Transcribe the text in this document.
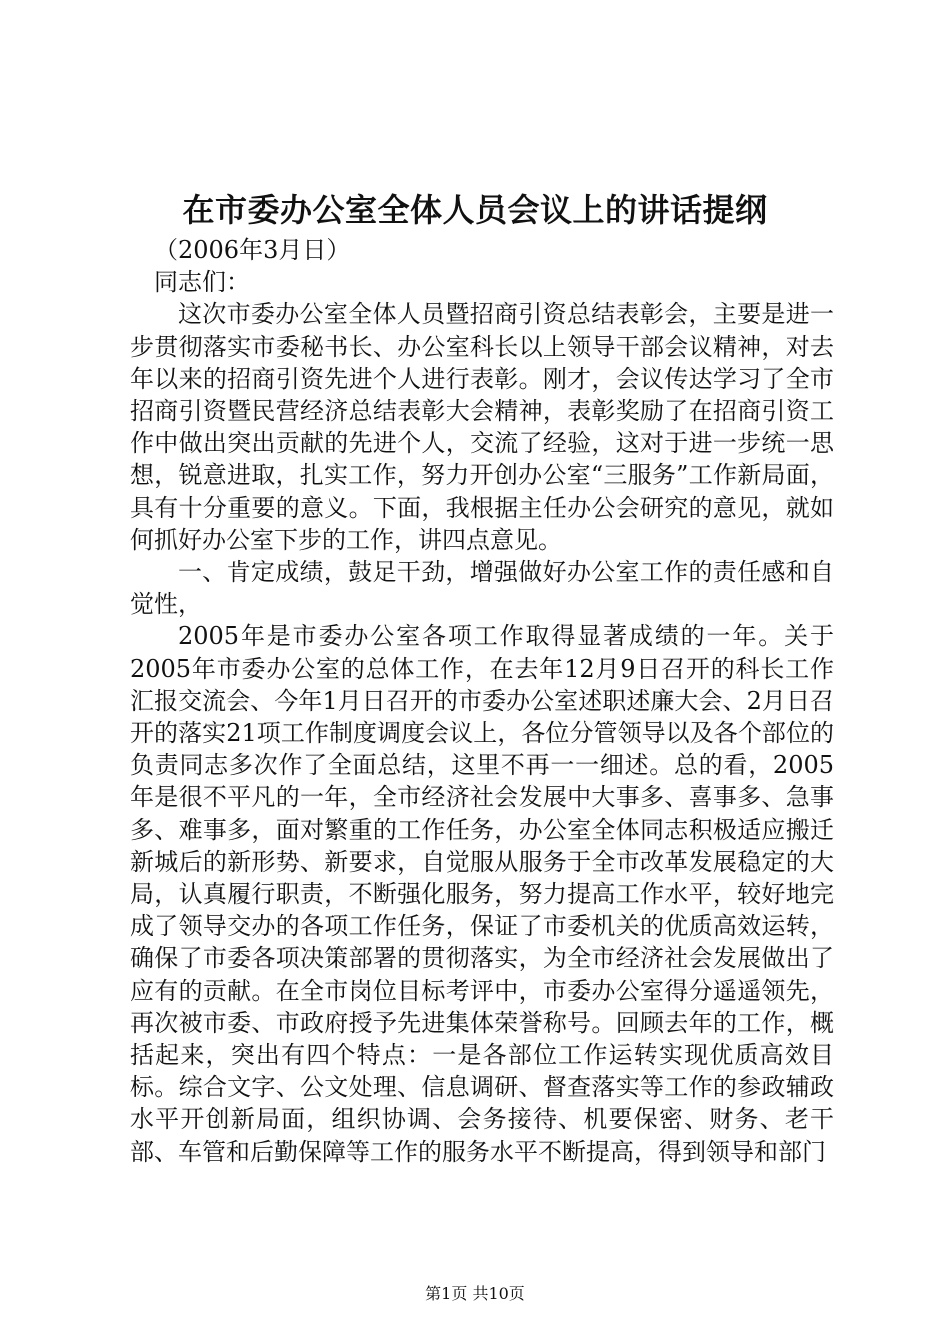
在市委办公室全体人员会议上的讲话提纲

（2006年3月日）

同志们：

这次市委办公室全体人员暨招商引资总结表彰会，主要是进一步贯彻落实市委秘书长、办公室科长以上领导干部会议精神，对去年以来的招商引资先进个人进行表彰。刚才，会议传达学习了全市招商引资暨民营经济总结表彰大会精神，表彰奖励了在招商引资工作中做出突出贡献的先进个人，交流了经验，这对于进一步统一思想，锐意进取，扎实工作，努力开创办公室“三服务”工作新局面，具有十分重要的意义。下面，我根据主任办公会研究的意见，就如何抓好办公室下步的工作，讲四点意见。

一、肯定成绩，鼓足干劲，增强做好办公室工作的责任感和自觉性，

2005年是市委办公室各项工作取得显著成绩的一年。关于2005年市委办公室的总体工作，在去年12月9日召开的科长工作汇报交流会、今年1月日召开的市委办公室述职述廉大会、2月日召开的落实21项工作制度调度会议上，各位分管领导以及各个部位的负责同志多次作了全面总结，这里不再一一细述。总的看，2005年是很不平凡的一年，全市经济社会发展中大事多、喜事多、急事多、难事多，面对繁重的工作任务，办公室全体同志积极适应搬迁新城后的新形势、新要求，自觉服从服务于全市改革发展稳定的大局，认真履行职责，不断强化服务，努力提高工作水平，较好地完成了领导交办的各项工作任务，保证了市委机关的优质高效运转，确保了市委各项决策部署的贯彻落实，为全市经济社会发展做出了应有的贡献。在全市岗位目标考评中，市委办公室得分遥遥领先，再次被市委、市政府授予先进集体荣誉称号。回顾去年的工作，概括起来，突出有四个特点：一是各部位工作运转实现优质高效目标。综合文字、公文处理、信息调研、督查落实等工作的参政辅政水平开创新局面，组织协调、会务接待、机要保密、财务、老干部、车管和后勤保障等工作的服务水平不断提高，得到领导和部门

第1页 共10页
